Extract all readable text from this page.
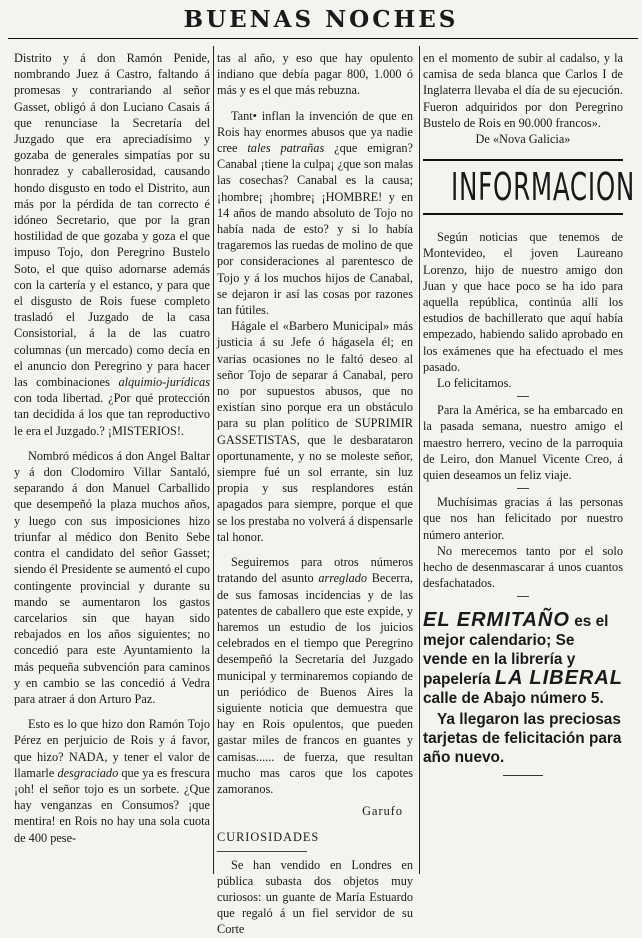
BUENAS NOCHES

Distrito y á don Ramón Penide, nombrando Juez á Castro, faltando á promesas y contrariando al señor Gasset, obligó á don Luciano Casais á que renunciase la Secretaría del Juzgado que era apreciadísimo y gozaba de generales simpatías por su honradez y caballerosidad, causando hondo disgusto en todo el Distrito, aun más por la pérdida de tan correcto é idóneo Secretario, que por la gran hostilidad de que gozaba y goza el que impuso Tojo, don Peregrino Bustelo Soto, el que quiso adornarse además con la cartería y el estanco, y para que el disgusto de Rois fuese completo trasladó el Juzgado de la casa Consistorial, á la de las cuatro columnas (un mercado) como decía en el anuncio don Peregrino y para hacer las combinaciones alquimio-jurídicas con toda libertad. ¿Por qué protección tan decidida á los que tan reproductivo le era el Juzgado.? ¡MISTERIOS!.

Nombró médicos á don Angel Baltar y á don Clodomiro Villar Santaló, separando á don Manuel Carballido que desempeñó la plaza muchos años, y luego con sus imposiciones hizo triunfar al médico don Benito Sebe contra el candidato del señor Gasset; siendo él Presidente se aumentó el cupo contingente provincial y durante su mando se aumentaron los gastos carcelarios sin que hayan sido rebajados en los años siguientes; no concedió para este Ayuntamiento la más pequeña subvención para caminos y en cambio se las concedió á Vedra para atraer á don Arturo Paz.

Esto es lo que hizo don Ramón Tojo Pérez en perjuicio de Rois y á favor, que hizo? NADA, y tener el valor de llamarle desgraciado que ya es frescura ¡oh! el señor tojo es un sorbete. ¿Que hay venganzas en Consumos? ¡que mentira! en Rois no hay una sola cuota de 400 pese-

tas al año, y eso que hay opulento indiano que debía pagar 800, 1.000 ó más y es el que más rebuzna.

Tant• inflan la invención de que en Rois hay enormes abusos que ya nadie cree tales patrañas ¿que emigran? Canabal ¡tiene la culpa¡ ¿que son malas las cosechas? Canabal es la causa; ¡hombre¡ ¡hombre¡ ¡HOMBRE! y en 14 años de mando absoluto de Tojo no había nada de esto? y si lo había tragaremos las ruedas de molino de que por consideraciones al parentesco de Tojo y á los muchos hijos de Canabal, se dejaron ir así las cosas por razones tan fútiles.

Hágale el «Barbero Municipal» más justicia á su Jefe ó hágasela él; en varias ocasiones no le faltó deseo al señor Tojo de separar á Canabal, pero no por supuestos abusos, que no existían sino porque era un obstáculo para su plan político de SUPRIMIR GASSETISTAS, que le desbarataron oportunamente, y no se moleste señor, siempre fué un sol errante, sin luz propia y sus resplandores están apagados para siempre, porque el que se los prestaba no volverá á dispensarle tal honor.

Seguiremos para otros números tratando del asunto arreglado Becerra, de sus famosas incidencias y de las patentes de caballero que este expide, y haremos un estudio de los juicios celebrados en el tiempo que Peregrino desempeñó la Secretaría del Juzgado municipal y terminaremos copiando de un periódico de Buenos Aires la siguiente noticia que demuestra que hay en Rois opulentos, que pueden gastar miles de francos en guantes y camisas...... de fuerza, que resultan mucho mas caros que los capotes zamoranos.

Garufo

CURIOSIDADES

Se han vendido en Londres en pública subasta dos objetos muy curiosos: un guante de María Estuardo que regaló á un fiel servidor de su Corte

en el momento de subir al cadalso, y la camisa de seda blanca que Carlos I de Inglaterra llevaba el día de su ejecución. Fueron adquiridos por don Peregrino Bustelo de Rois en 90.000 francos».

De «Nova Galicia»

INFORMACION

Según noticias que tenemos de Montevideo, el joven Laureano Lorenzo, hijo de nuestro amigo don Juan y que hace poco se ha ido para aquella república, continúa allí los estudios de bachillerato que aquí había empezado, habiendo salido aprobado en los exámenes que ha efectuado el mes pasado.

Lo felicitamos.

Para la América, se ha embarcado en la pasada semana, nuestro amigo el maestro herrero, vecino de la parroquia de Leiro, don Manuel Vicente Creo, á quien deseamos un feliz viaje.

Muchísimas gracias á las personas que nos han felicitado por nuestro número anterior.

No merecemos tanto por el solo hecho de desenmascarar á unos cuantos desfachatados.

EL ERMITAÑO es el mejor calendario; Se vende en la librería y papelería LA LIBERAL calle de Abajo número 5.

Ya llegaron las preciosas tarjetas de felicitación para año nuevo.
